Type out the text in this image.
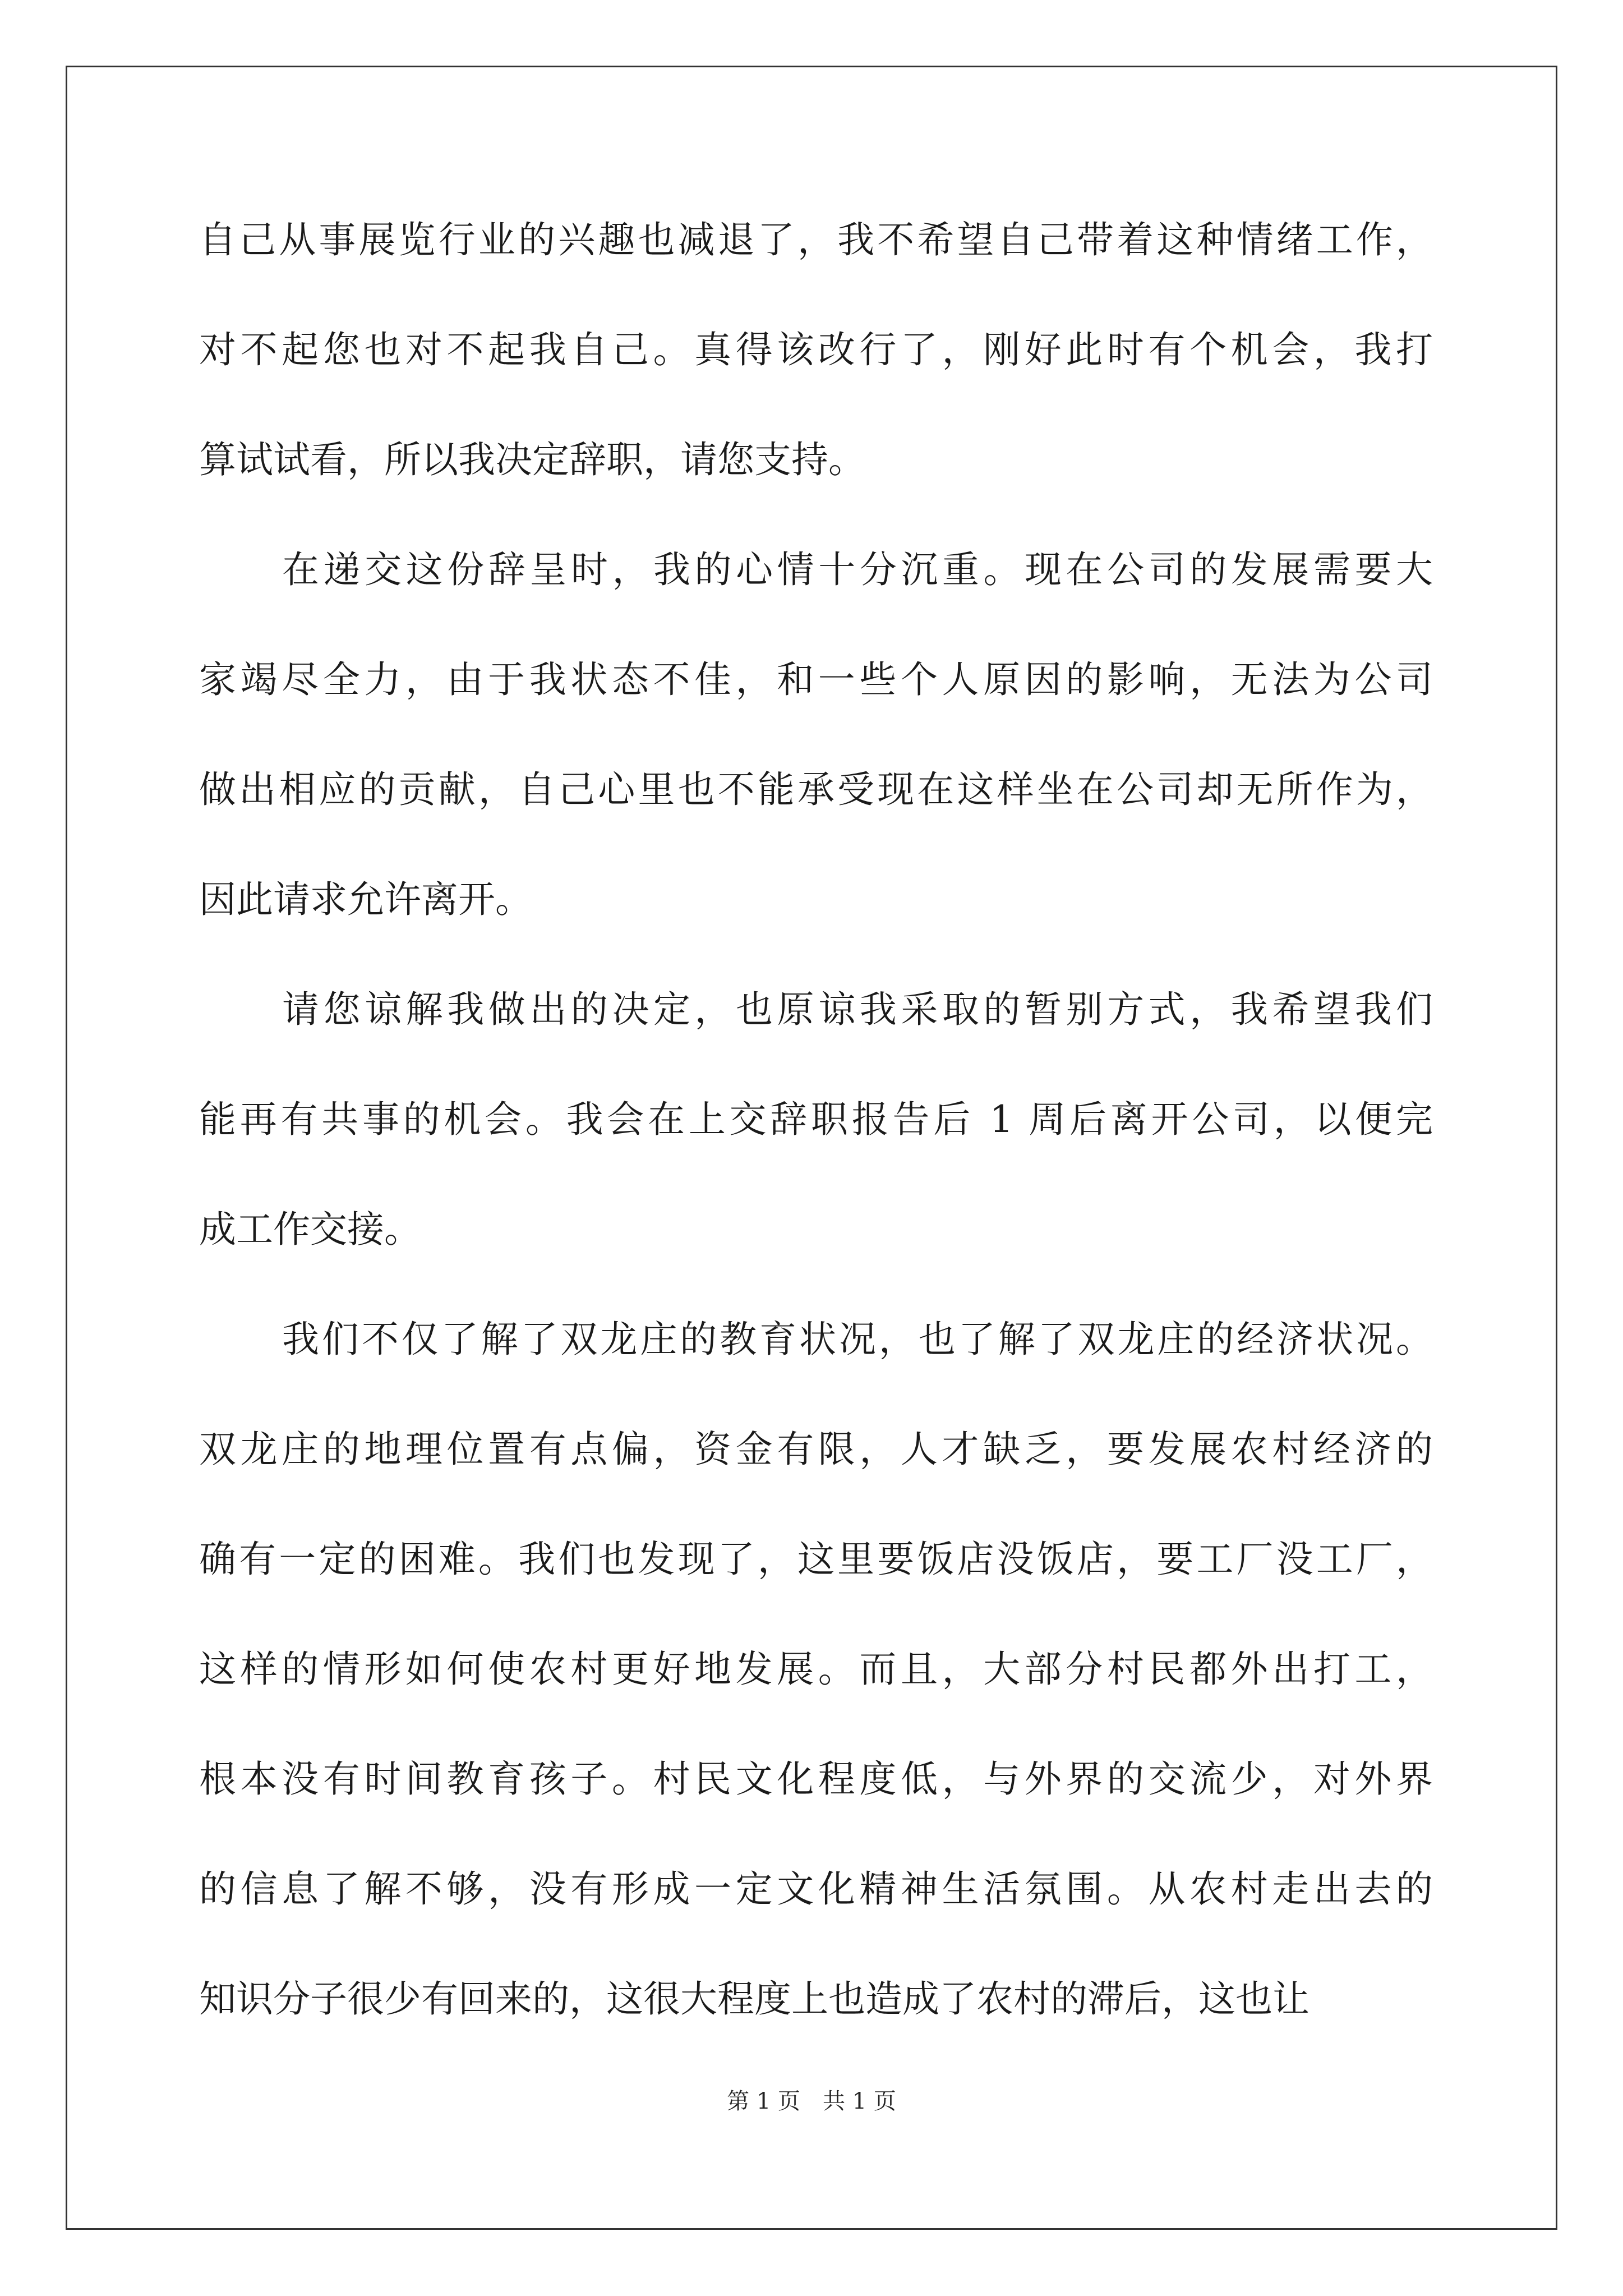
自己从事展览行业的兴趣也减退了，我不希望自己带着这种情绪工作，
对不起您也对不起我自己。真得该改行了，刚好此时有个机会，我打
算试试看，所以我决定辞职，请您支持。
在递交这份辞呈时，我的心情十分沉重。现在公司的发展需要大
家竭尽全力，由于我状态不佳，和一些个人原因的影响，无法为公司
做出相应的贡献，自己心里也不能承受现在这样坐在公司却无所作为，
因此请求允许离开。
请您谅解我做出的决定，也原谅我采取的暂别方式，我希望我们
能再有共事的机会。我会在上交辞职报告后 1 周后离开公司，以便完
成工作交接。
我们不仅了解了双龙庄的教育状况，也了解了双龙庄的经济状况。
双龙庄的地理位置有点偏，资金有限，人才缺乏，要发展农村经济的
确有一定的困难。我们也发现了，这里要饭店没饭店，要工厂没工厂，
这样的情形如何使农村更好地发展。而且，大部分村民都外出打工，
根本没有时间教育孩子。村民文化程度低，与外界的交流少，对外界
的信息了解不够，没有形成一定文化精神生活氛围。从农村走出去的
知识分子很少有回来的，这很大程度上也造成了农村的滞后，这也让
第 1 页 共 1 页
